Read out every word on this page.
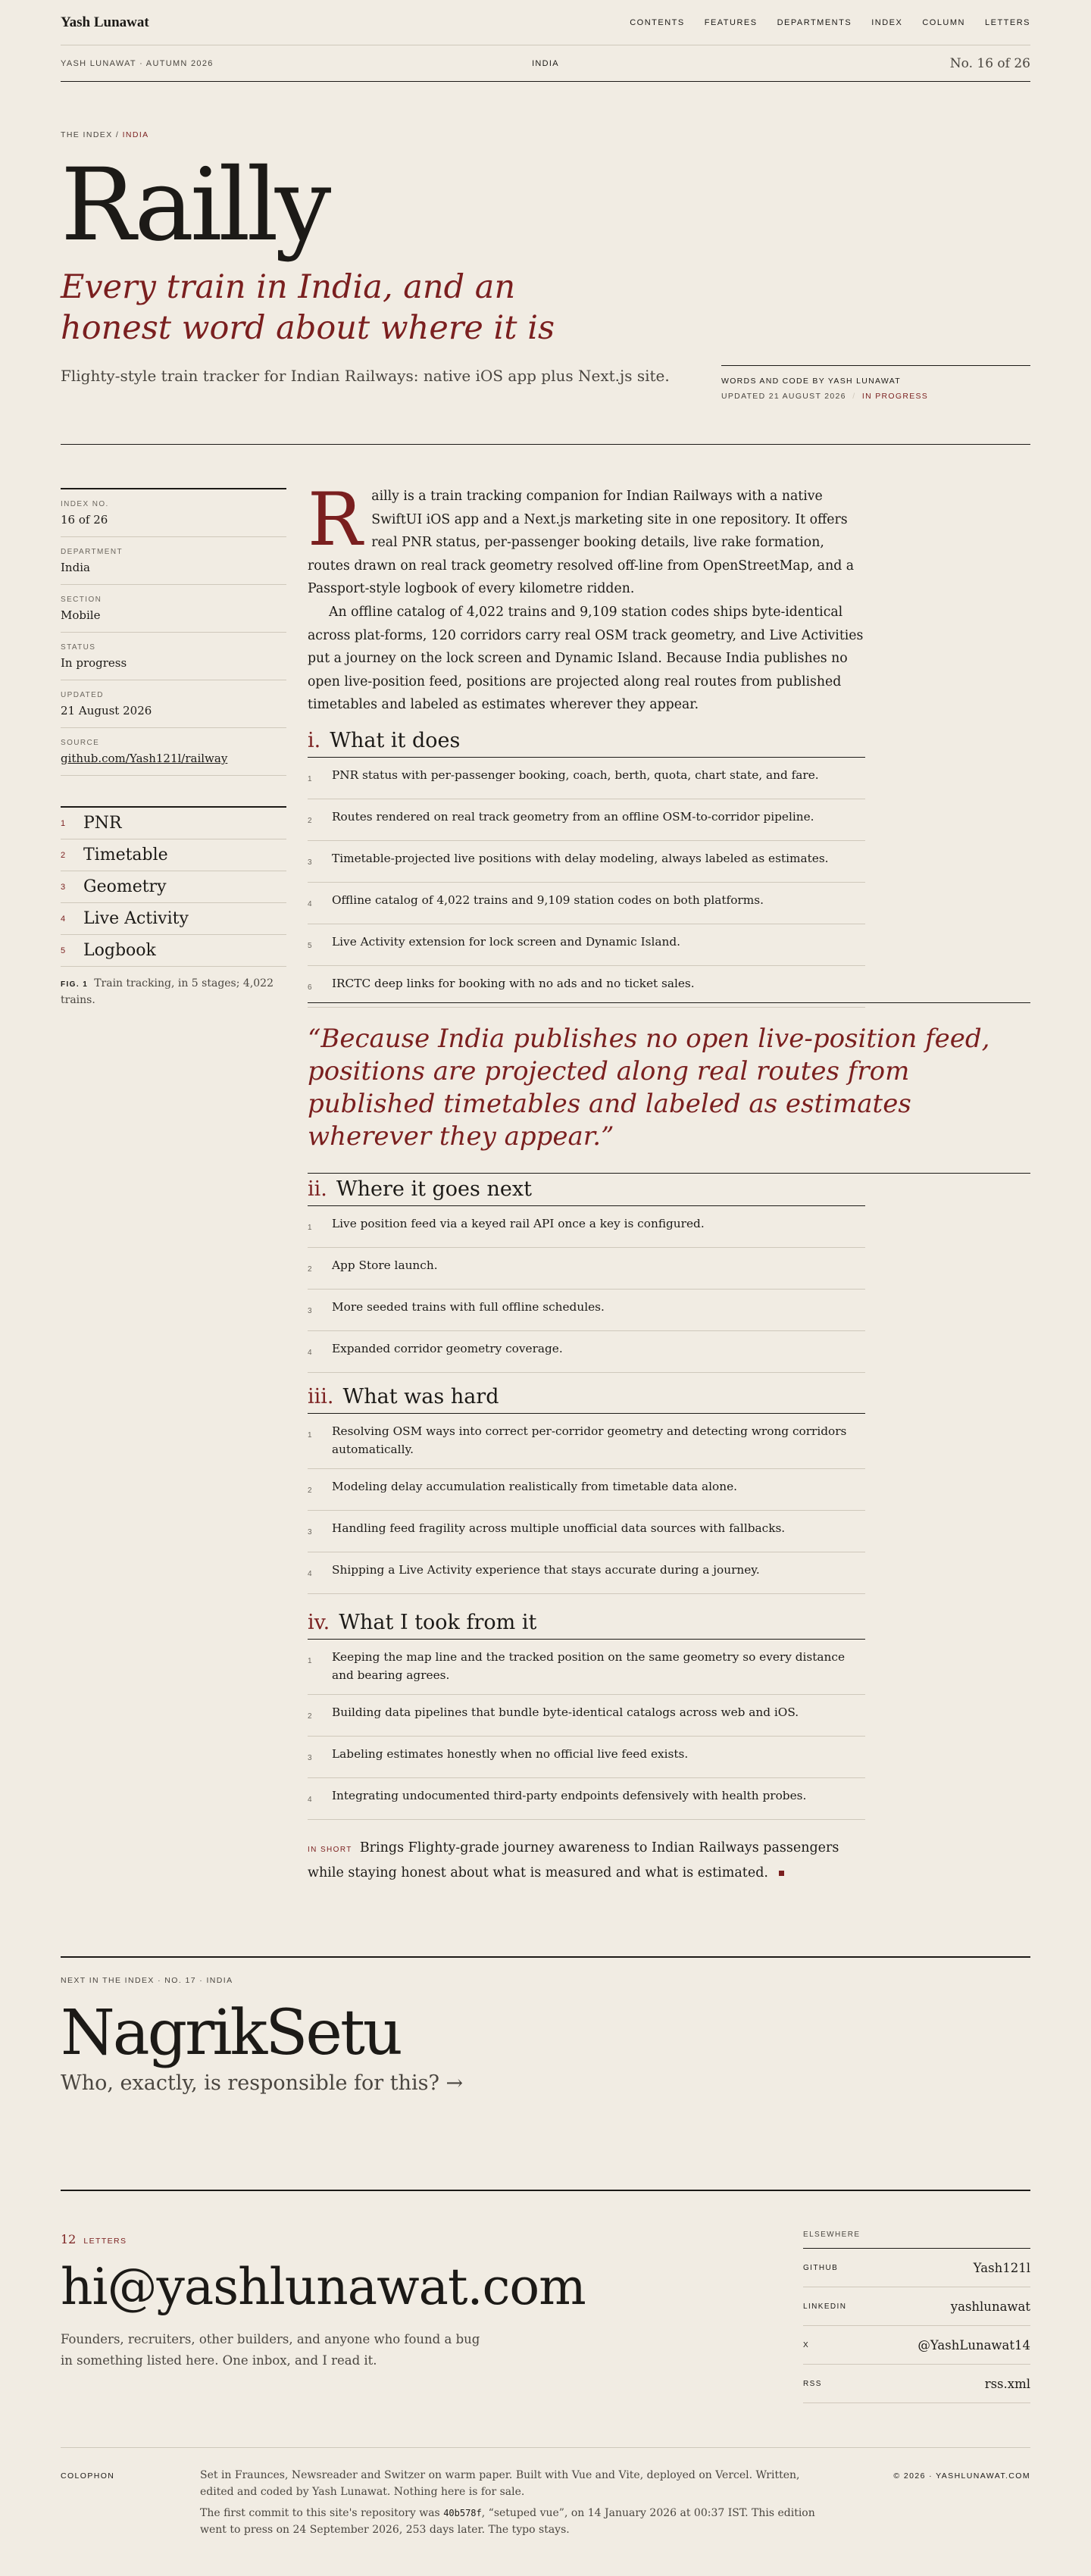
Yash Lunawat	CONTENTS FEATURES DEPARTMENTS INDEX COLUMN LETTERS
YASH LUNAWAT · AUTUMN 2026	INDIA	No. 16 of 26
THE INDEX / INDIA
Railly
Every train in India, and an honest word about where it is
Flighty-style train tracker for Indian Railways: native iOS app plus Next.js site.	WORDS AND CODE BY YASH LUNAWAT
UPDATED 21 AUGUST 2026  /  IN PROGRESS
INDEX NO.
16 of 26
DEPARTMENT
India
SECTION
Mobile
STATUS
In progress
UPDATED
21 August 2026
SOURCE
github.com/Yash121l/railway
1	PNR
2	Timetable
3	Geometry
4	Live Activity
5	Logbook
FIG. 1 Train tracking, in 5 stages; 4,022 trains.

Railly is a train tracking companion for Indian Railways with a native SwiftUI iOS app and a Next.js marketing site in one repository. It offers real PNR status, per-passenger booking details, live rake formation, routes drawn on real track geometry resolved off-line from OpenStreetMap, and a Passport-style logbook of every kilometre ridden.

An offline catalog of 4,022 trains and 9,109 station codes ships byte-identical across plat-forms, 120 corridors carry real OSM track geometry, and Live Activities put a journey on the lock screen and Dynamic Island. Because India publishes no open live-position feed, positions are projected along real routes from published timetables and labeled as estimates wherever they appear.

i. What it does
1	PNR status with per-passenger booking, coach, berth, quota, chart state, and fare.
2	Routes rendered on real track geometry from an offline OSM-to-corridor pipeline.
3	Timetable-projected live positions with delay modeling, always labeled as estimates.
4	Offline catalog of 4,022 trains and 9,109 station codes on both platforms.
5	Live Activity extension for lock screen and Dynamic Island.
6	IRCTC deep links for booking with no ads and no ticket sales.
“Because India publishes no open live-position feed, positions are projected along real routes from published timetables and labeled as estimates wherever they appear.”
ii. Where it goes next
1	Live position feed via a keyed rail API once a key is configured.
2	App Store launch.
3	More seeded trains with full offline schedules.
4	Expanded corridor geometry coverage.
iii. What was hard
1	Resolving OSM ways into correct per-corridor geometry and detecting wrong corridors automatically.
2	Modeling delay accumulation realistically from timetable data alone.
3	Handling feed fragility across multiple unofficial data sources with fallbacks.
4	Shipping a Live Activity experience that stays accurate during a journey.
iv. What I took from it
1	Keeping the map line and the tracked position on the same geometry so every distance and bearing agrees.
2	Building data pipelines that bundle byte-identical catalogs across web and iOS.
3	Labeling estimates honestly when no official live feed exists.
4	Integrating undocumented third-party endpoints defensively with health probes.
IN SHORT Brings Flighty-grade journey awareness to Indian Railways passengers while staying honest about what is measured and what is estimated.
NEXT IN THE INDEX · NO. 17 · INDIA
NagrikSetu
Who, exactly, is responsible for this? →
12 LETTERS
hi@yashlunawat.com
Founders, recruiters, other builders, and anyone who found a bug in something listed here. One inbox, and I read it.
ELSEWHERE
GITHUB	Yash121l
LINKEDIN	yashlunawat
X	@YashLunawat14
RSS	rss.xml
COLOPHON	Set in Fraunces, Newsreader and Switzer on warm paper. Built with Vue and Vite, deployed on Vercel. Written, edited and coded by Yash Lunawat. Nothing here is for sale.

The first commit to this site's repository was 40b578f, “setuped vue”, on 14 January 2026 at 00:37 IST. This edition went to press on 24 September 2026, 253 days later. The typo stays.

© 2026 · YASHLUNAWAT.COM
